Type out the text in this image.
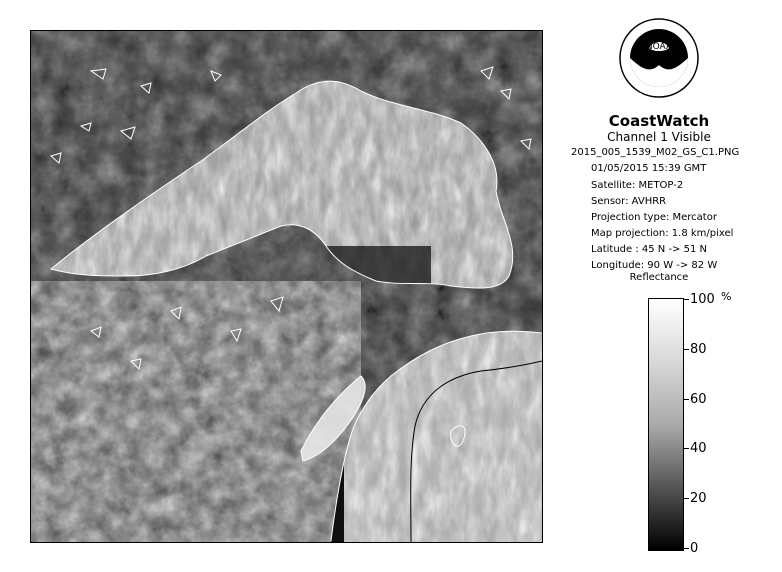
NOAA
CoastWatch
Channel 1 Visible
2015_005_1539_M02_GS_C1.PNG
01/05/2015 15:39 GMT
Satellite: METOP-2
Sensor: AVHRR
Projection type: Mercator
Map projection: 1.8 km/pixel
Latitude : 45 N -> 51 N
Longitude: 90 W -> 82 W
Reflectance
%
100
80
60
40
20
0
